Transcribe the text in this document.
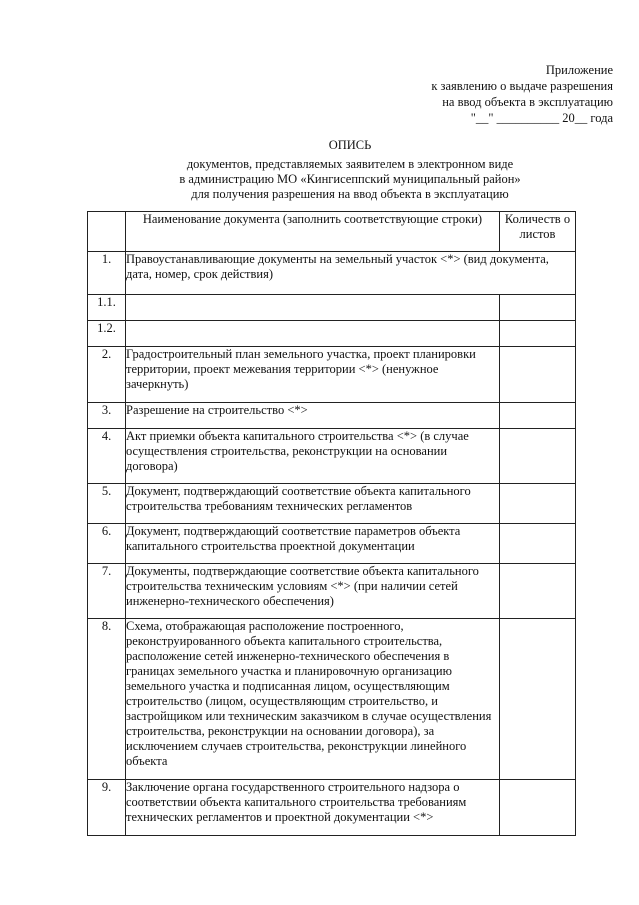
Приложение
к заявлению о выдаче разрешения
на ввод объекта в эксплуатацию
"__" __________ 20__ года
ОПИСЬ
документов, представляемых заявителем в электронном виде
в администрацию МО «Кингисеппский муниципальный район»
для получения разрешения на ввод объекта в эксплуатацию
	Наименование документа (заполнить соответствующие строки)	Количеств о листов
1.	Правоустанавливающие документы на земельный участок <*> (вид документа, дата, номер, срок действия)	
1.1.		
1.2.		
2.	Градостроительный план земельного участка, проект планировки территории, проект межевания территории <*> (ненужное зачеркнуть)	
3.	Разрешение на строительство <*>	
4.	Акт приемки объекта капитального строительства <*> (в случае осуществления строительства, реконструкции на основании договора)	
5.	Документ, подтверждающий соответствие объекта капитального строительства требованиям технических регламентов	
6.	Документ, подтверждающий соответствие параметров объекта капитального строительства проектной документации	
7.	Документы, подтверждающие соответствие объекта капитального строительства техническим условиям <*> (при наличии сетей инженерно-технического обеспечения)	
8.	Схема, отображающая расположение построенного, реконструированного объекта капитального строительства, расположение сетей инженерно-технического обеспечения в границах земельного участка и планировочную организацию земельного участка и подписанная лицом, осуществляющим строительство (лицом, осуществляющим строительство, и застройщиком или техническим заказчиком в случае осуществления строительства, реконструкции на основании договора), за исключением случаев строительства, реконструкции линейного объекта	
9.	Заключение органа государственного строительного надзора о соответствии объекта капитального строительства требованиям технических регламентов и проектной документации <*>	
